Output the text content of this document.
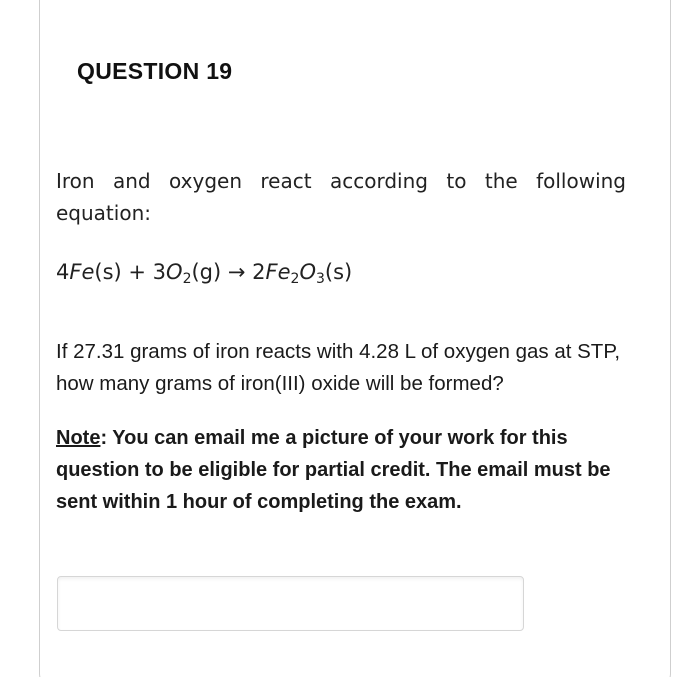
QUESTION 19
Iron and oxygen react according to the following equation:
$4Fe(s) + 3O_2(g) \to 2Fe_2O_3(s)$
If 27.31 grams of iron reacts with 4.28 L of oxygen gas at STP, how many grams of iron(III) oxide will be formed?
Note: You can email me a picture of your work for this question to be eligible for partial credit. The email must be sent within 1 hour of completing the exam.
